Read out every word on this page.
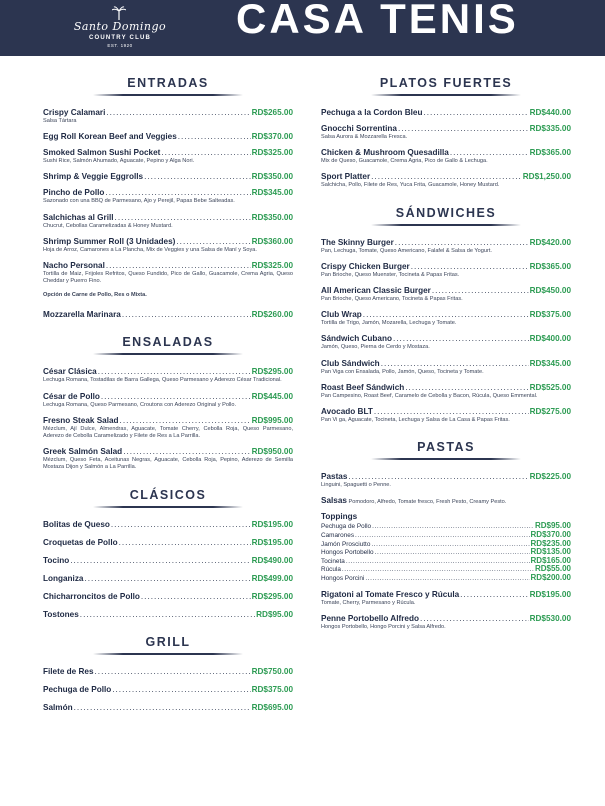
Santo Domingo
COUNTRY CLUB
EST. 1920
CASA TENIS
ENTRADAS
Crispy Calamari .....	RD$265.00
Salsa Tártara
Egg Roll Korean Beef and Veggies .....	RD$370.00
Smoked Salmon Sushi Pocket .....	RD$325.00
Sushi Rice, Salmón Ahumado, Aguacate, Pepino y Alga Nori.
Shrimp & Veggie Eggrolls .....	RD$350.00
Pincho de Pollo .....	RD$345.00
Sazonado con una BBQ de Parmesano, Ajo y Perejil, Papas Bebe Salteadas.
Salchichas al Grill .....	RD$350.00
Chucrut, Cebollas Caramelizadas & Honey Mustard.
Shrimp Summer Roll (3 Unidades) .....	RD$360.00
Hoja de Arroz, Camarones a La Plancha, Mix de Veggies y una Salsa de Maní y Soya.
Nacho Personal .....	RD$325.00
Tortilla de Maiz, Frijoles Refritos, Queso Fundido, Pico de Gallo, Guacamole, Crema Agria, Queso Cheddar y Puerro Fino.
Opción de Carne de Pollo, Res o Mixta.
Mozzarella Marinara .....	RD$260.00
ENSALADAS
César Clásica .....	RD$295.00
Lechuga Romana, Tostadilas de Barra Gallega, Queso Parmesano y Aderezo César Tradicional.
César de Pollo .....	RD$445.00
Lechuga Romana, Queso Parmesano, Croutons con Aderezo Original y Pollo.
Fresno Steak Salad .....	RD$995.00
Mézclum, Ají Dulce, Almendras, Aguacate, Tomate Cherry, Cebolla Roja, Queso Parmesano, Aderezo de Cebolla Caramelizado y Filete de Res a La Parrilla.
Greek Salmón Salad .....	RD$950.00
Mézclum, Queso Feta, Aceitunas Negras, Aguacate, Cebolla Roja, Pepino, Aderezo de Semilla Mostaza Dijon y Salmón a La Parrilla.
CLÁSICOS
Bolitas de Queso .....	RD$195.00
Croquetas de Pollo .....	RD$195.00
Tocino .....	RD$490.00
Longaniza .....	RD$499.00
Chicharroncitos de Pollo .....	RD$295.00
Tostones .....	RD$95.00
GRILL
Filete de Res .....	RD$750.00
Pechuga de Pollo .....	RD$375.00
Salmón .....	RD$695.00
PLATOS FUERTES
Pechuga a la Cordon Bleu .....	RD$440.00
Gnocchi Sorrentina .....	RD$335.00
Salsa Aurora & Mozzarella Fresca.
Chicken & Mushroom Quesadilla .....	RD$365.00
Mix de Queso, Guacamole, Crema Agria, Pico de Gallo & Lechuga.
Sport Platter .....	RD$1,250.00
Salchicha, Pollo, Filete de Res, Yuca Frita, Guacamole, Honey Mustard.
SÁNDWICHES
The Skinny Burger .....	RD$420.00
Pan, Lechuga, Tomate, Queso Americano, Falafel & Salsa de Yogurt.
Crispy Chicken Burger .....	RD$365.00
Pan Brioche, Queso Muenster, Tocineta & Papas Fritas.
All American Classic Burger .....	RD$450.00
Pan Brioche, Queso Americano, Tocineta & Papas Fritas.
Club Wrap .....	RD$375.00
Tortilla de Trigo, Jamón, Mozarella, Lechuga y Tomate.
Sándwich Cubano .....	RD$400.00
Jamón, Queso, Pierna de Cerdo y Mostaza.
Club Sándwich .....	RD$345.00
Pan Viga con Ensalada, Pollo, Jamón, Queso, Tocineta y Tomate.
Roast Beef Sándwich .....	RD$525.00
Pan Campesino, Roast Beef, Caramelo de Cebolla y Bacon, Rúcula, Queso Emmental.
Avocado BLT .....	RD$275.00
Pan Vi ga, Aguacate, Tocineta, Lechuga y Salsa de La Casa & Papas Fritas.
PASTAS
Pastas .....	RD$225.00
Linguini, Spaguetti o Penne.
Salsas Pomodoro, Alfredo, Tomate fresco, Fresh Pesto, Creamy Pesto.
Toppings
Pechuga de Pollo .....	RD$95.00
Camarones .....	RD$370.00
Jamón Prosciutto .....	RD$235.00
Hongos Portobello .....	RD$135.00
Tocineta .....	RD$165.00
Rúcula .....	RD$55.00
Hongos Porcini .....	RD$200.00
Rigatoni al Tomate Fresco y Rúcula .....	RD$195.00
Tomate, Cherry, Parmesano y Rúcula.
Penne Portobello Alfredo .....	RD$530.00
Hongos Portobello, Hongo Porcini y Salsa Alfredo.
